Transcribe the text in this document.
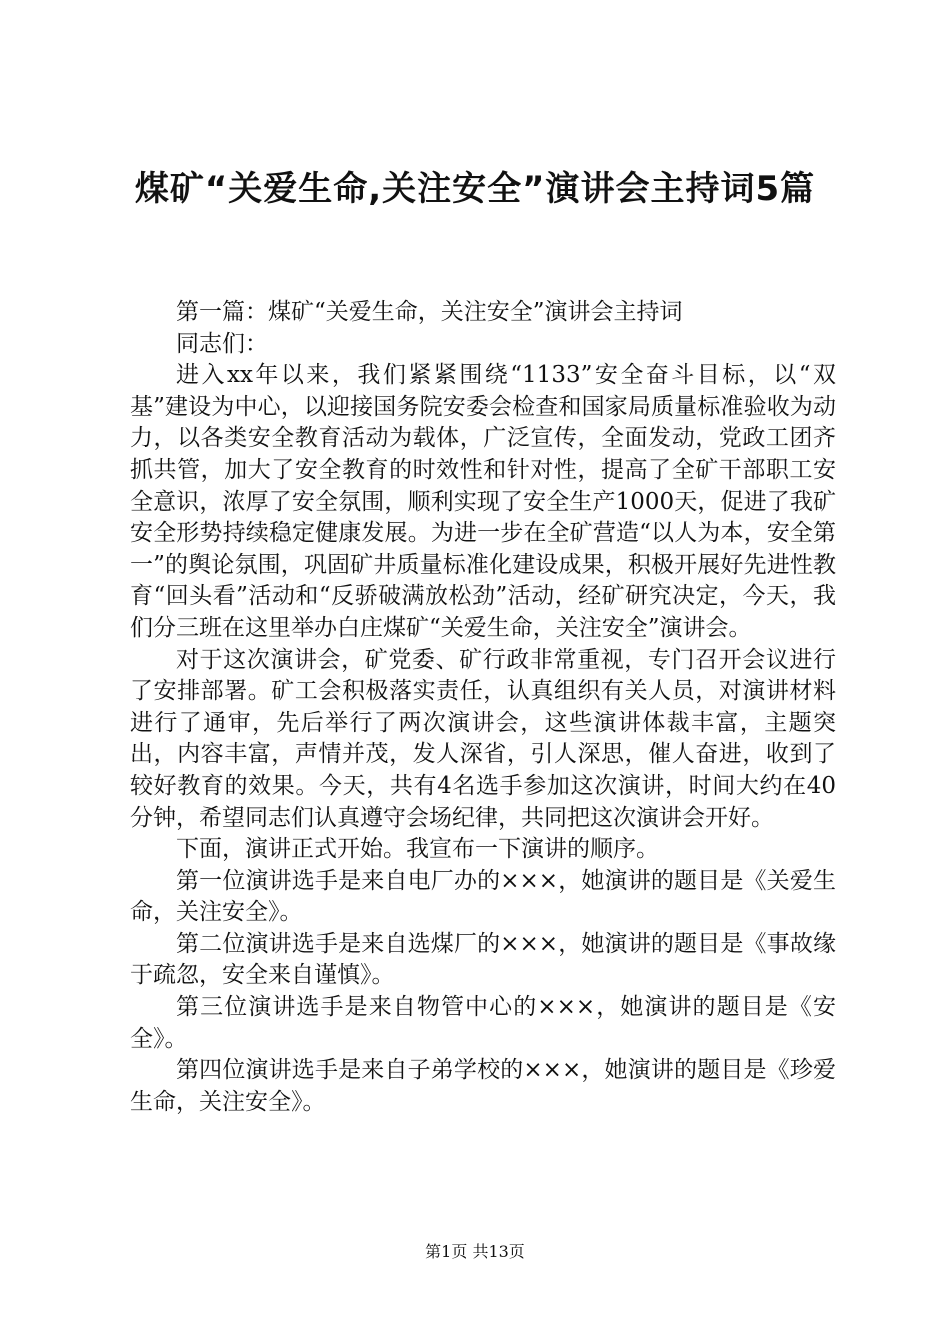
煤矿“关爱生命,关注安全”演讲会主持词5篇

第一篇：煤矿“关爱生命，关注安全”演讲会主持词

同志们：

进入xx年以来，我们紧紧围绕“1133”安全奋斗目标，以“双基”建设为中心，以迎接国务院安委会检查和国家局质量标准验收为动力，以各类安全教育活动为载体，广泛宣传，全面发动，党政工团齐抓共管，加大了安全教育的时效性和针对性，提高了全矿干部职工安全意识，浓厚了安全氛围，顺利实现了安全生产1000天，促进了我矿安全形势持续稳定健康发展。为进一步在全矿营造“以人为本，安全第一”的舆论氛围，巩固矿井质量标准化建设成果，积极开展好先进性教育“回头看”活动和“反骄破满放松劲”活动，经矿研究决定，今天，我们分三班在这里举办白庄煤矿“关爱生命，关注安全”演讲会。

对于这次演讲会，矿党委、矿行政非常重视，专门召开会议进行了安排部署。矿工会积极落实责任，认真组织有关人员，对演讲材料进行了通审，先后举行了两次演讲会，这些演讲体裁丰富，主题突出，内容丰富，声情并茂，发人深省，引人深思，催人奋进，收到了较好教育的效果。今天，共有4名选手参加这次演讲，时间大约在40分钟，希望同志们认真遵守会场纪律，共同把这次演讲会开好。

下面，演讲正式开始。我宣布一下演讲的顺序。

第一位演讲选手是来自电厂办的×××，她演讲的题目是《关爱生命，关注安全》。

第二位演讲选手是来自选煤厂的×××，她演讲的题目是《事故缘于疏忽，安全来自谨慎》。

第三位演讲选手是来自物管中心的×××，她演讲的题目是《安全》。

第四位演讲选手是来自子弟学校的×××，她演讲的题目是《珍爱生命，关注安全》。

第1页 共13页
